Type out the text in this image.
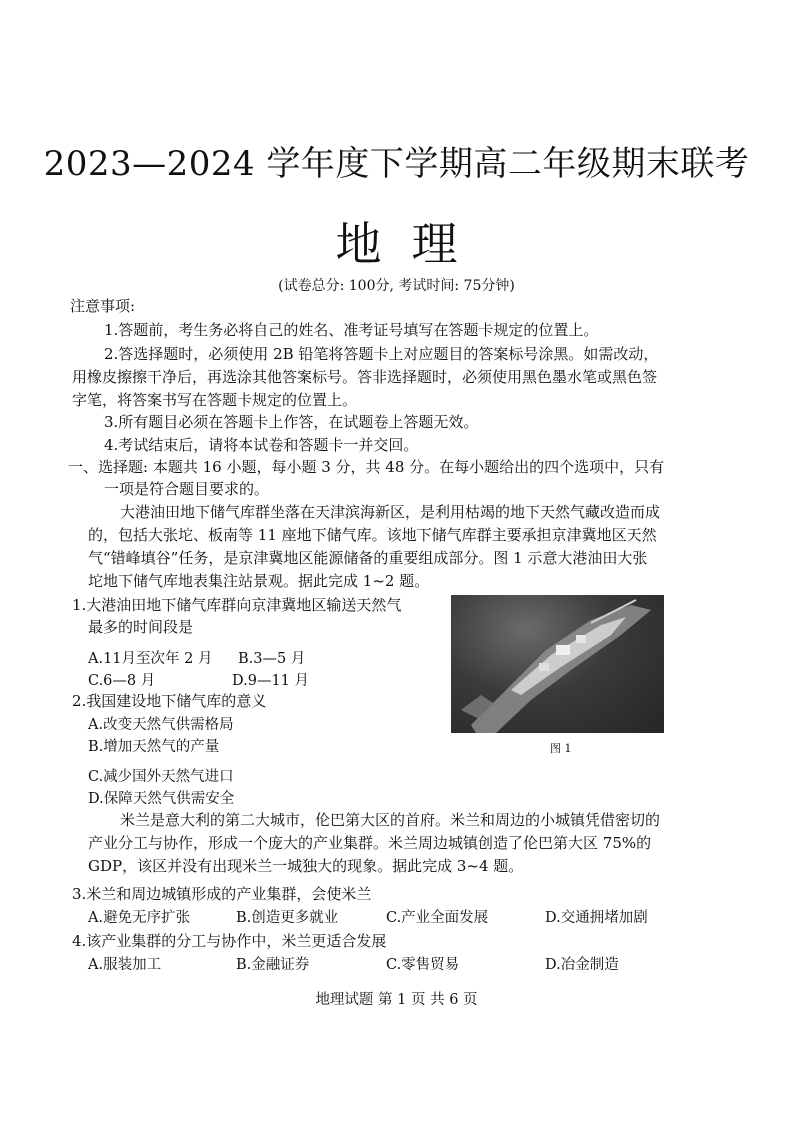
2023—2024 学年度下学期高二年级期末联考
地理
(试卷总分: 100分, 考试时间: 75分钟)
注意事项:
1.答题前，考生务必将自己的姓名、准考证号填写在答题卡规定的位置上。
2.答选择题时，必须使用 2B 铅笔将答题卡上对应题目的答案标号涂黑。如需改动，
用橡皮擦擦干净后，再选涂其他答案标号。答非选择题时，必须使用黑色墨水笔或黑色签
字笔，将答案书写在答题卡规定的位置上。
3.所有题目必须在答题卡上作答，在试题卷上答题无效。
4.考试结束后，请将本试卷和答题卡一并交回。
一、选择题: 本题共 16 小题，每小题 3 分，共 48 分。在每小题给出的四个选项中，只有
一项是符合题目要求的。
大港油田地下储气库群坐落在天津滨海新区，是利用枯竭的地下天然气藏改造而成
的，包括大张坨、板南等 11 座地下储气库。该地下储气库群主要承担京津冀地区天然
气“错峰填谷”任务，是京津冀地区能源储备的重要组成部分。图 1 示意大港油田大张
坨地下储气库地表集注站景观。据此完成 1~2 题。
图 1
1.大港油田地下储气库群向京津冀地区输送天然气
最多的时间段是
A.11月至次年 2 月 B.3—5 月
C.6—8 月	D.9—11 月
2.我国建设地下储气库的意义
A.改变天然气供需格局
B.增加天然气的产量
C.减少国外天然气进口
D.保障天然气供需安全
米兰是意大利的第二大城市，伦巴第大区的首府。米兰和周边的小城镇凭借密切的
产业分工与协作，形成一个庞大的产业集群。米兰周边城镇创造了伦巴第大区 75%的
GDP，该区并没有出现米兰一城独大的现象。据此完成 3~4 题。
3.米兰和周边城镇形成的产业集群，会使米兰
A.避免无序扩张	B.创造更多就业	C.产业全面发展	D.交通拥堵加剧
4.该产业集群的分工与协作中，米兰更适合发展
A.服装加工	B.金融证券	C.零售贸易	D.冶金制造
地理试题 第 1 页 共 6 页
